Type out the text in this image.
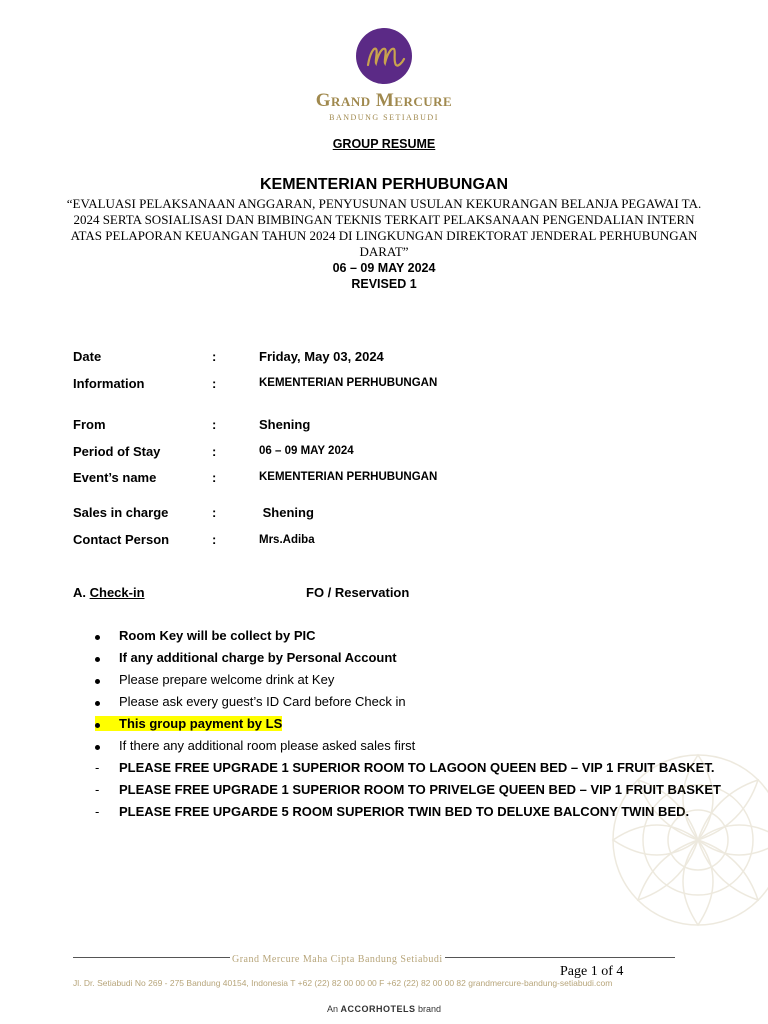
Grand Mercure
BANDUNG SETIABUDI
GROUP RESUME
KEMENTERIAN PERHUBUNGAN
“EVALUASI PELAKSANAAN ANGGARAN, PENYUSUNAN USULAN KEKURANGAN BELANJA PEGAWAI TA. 2024 SERTA SOSIALISASI DAN BIMBINGAN TEKNIS TERKAIT PELAKSANAAN PENGENDALIAN INTERN ATAS PELAPORAN KEUANGAN TAHUN 2024 DI LINGKUNGAN DIREKTORAT JENDERAL PERHUBUNGAN DARAT”
06 – 09 MAY 2024
REVISED 1
Date	:	Friday, May 03, 2024
Information	:	KEMENTERIAN PERHUBUNGAN
From	:	Shening
Period of Stay	:	06 – 09 MAY 2024
Event’s name	:	KEMENTERIAN PERHUBUNGAN
Sales in charge	:	Shening
Contact Person	:	Mrs.Adiba
A. Check-in	FO / Reservation
Room Key will be collect by PIC
If any additional charge by Personal Account
Please prepare welcome drink at Key
Please ask every guest’s ID Card before Check in
This group payment by LS
If there any additional room please asked sales first
-	PLEASE FREE UPGRADE 1 SUPERIOR ROOM TO LAGOON QUEEN BED – VIP 1 FRUIT BASKET.
-	PLEASE FREE UPGRADE 1 SUPERIOR ROOM TO PRIVELGE QUEEN BED – VIP 1 FRUIT BASKET
-	PLEASE FREE UPGARDE 5 ROOM SUPERIOR TWIN BED TO DELUXE BALCONY TWIN BED.
Grand Mercure Maha Cipta Bandung Setiabudi
Page 1 of 4
Jl. Dr. Setiabudi No 269 - 275 Bandung 40154, Indonesia T +62 (22) 82 00 00 00 F +62 (22) 82 00 00 82 grandmercure-bandung-setiabudi.com
An ACCORHOTELS brand
